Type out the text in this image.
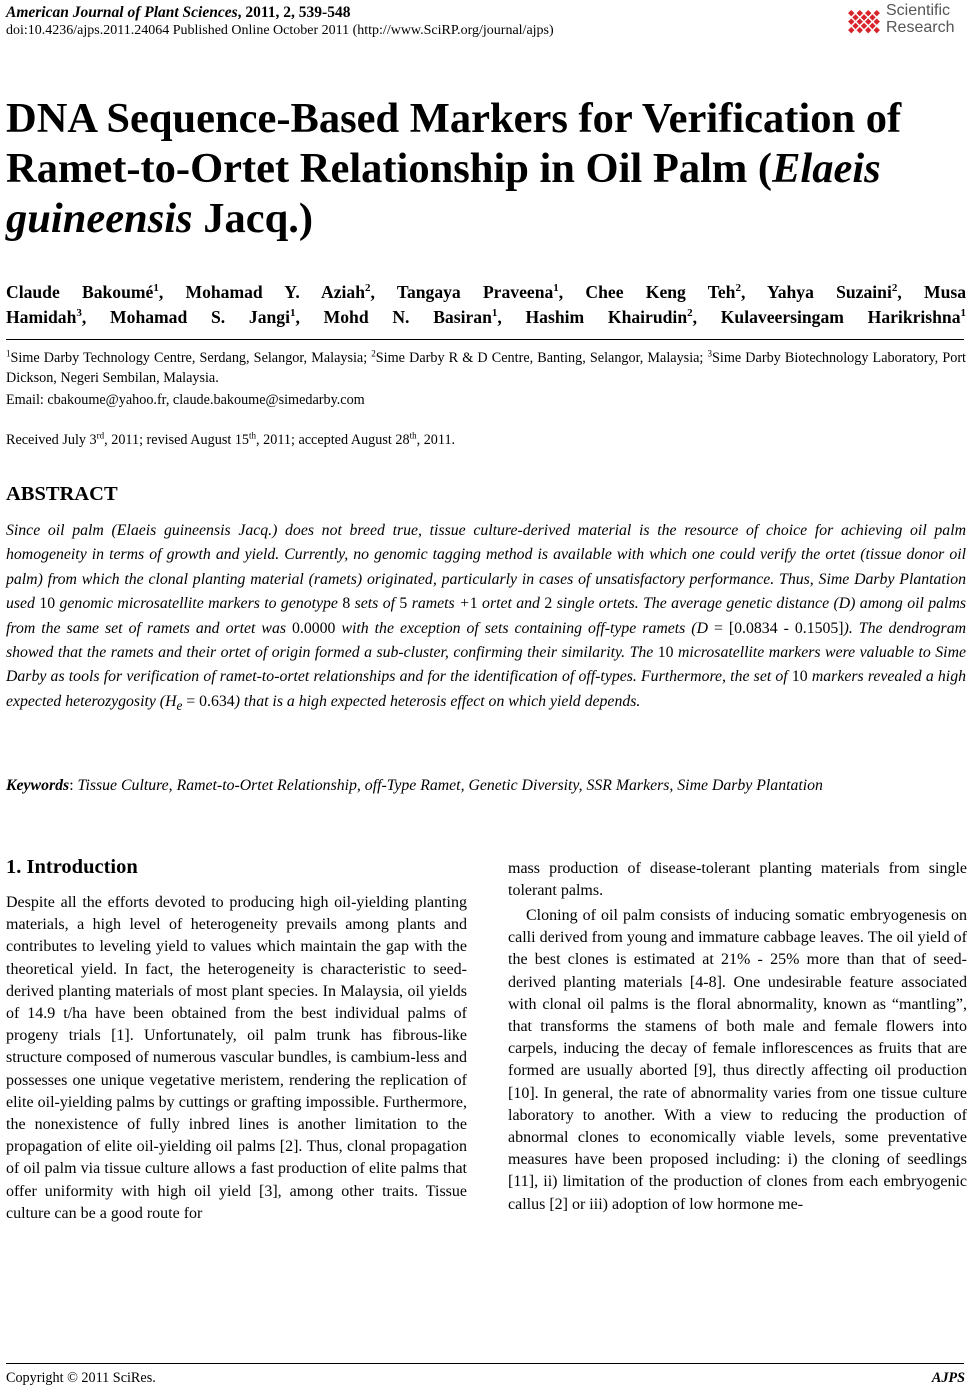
American Journal of Plant Sciences, 2011, 2, 539-548
doi:10.4236/ajps.2011.24064 Published Online October 2011 (http://www.SciRP.org/journal/ajps)
Scientific
Research
DNA Sequence-Based Markers for Verification of Ramet-to-Ortet Relationship in Oil Palm (Elaeis guineensis Jacq.)

Claude Bakoumé$^1$, Mohamad Y. Aziah$^2$, Tangaya Praveena$^1$, Chee Keng Teh$^2$, Yahya Suzaini$^2$, Musa

Hamidah$^3$, Mohamad S. Jangi$^1$, Mohd N. Basiran$^1$, Hashim Khairudin$^2$, Kulaveersingam Harikrishna$^1$

$^1$Sime Darby Technology Centre, Serdang, Selangor, Malaysia; $^2$Sime Darby R & D Centre, Banting, Selangor, Malaysia; $^3$Sime Darby Biotechnology Laboratory, Port Dickson, Negeri Sembilan, Malaysia.

Email: cbakoume@yahoo.fr, claude.bakoume@simedarby.com
Received July 3rd, 2011; revised August 15th, 2011; accepted August 28th, 2011.
ABSTRACT

Since oil palm (Elaeis guineensis Jacq.) does not breed true, tissue culture-derived material is the resource of choice for achieving oil palm homogeneity in terms of growth and yield. Currently, no genomic tagging method is available with which one could verify the ortet (tissue donor oil palm) from which the clonal planting material (ramets) originated, particularly in cases of unsatisfactory performance. Thus, Sime Darby Plantation used 10 genomic microsatellite markers to genotype 8 sets of 5 ramets +1 ortet and 2 single ortets. The average genetic distance (D) among oil palms from the same set of ramets and ortet was 0.0000 with the exception of sets containing off-type ramets (D = [0.0834 - 0.1505]). The dendrogram showed that the ramets and their ortet of origin formed a sub-cluster, confirming their similarity. The 10 microsatellite markers were valuable to Sime Darby as tools for verification of ramet-to-ortet relationships and for the identification of off-types. Furthermore, the set of 10 markers revealed a high expected heterozygosity $(H_e = 0.634)$ that is a high expected heterosis effect on which yield depends.

Keywords: Tissue Culture, Ramet-to-Ortet Relationship, off-Type Ramet, Genetic Diversity, SSR Markers, Sime Darby Plantation

1. Introduction

Despite all the efforts devoted to producing high oil-yielding planting materials, a high level of heterogeneity prevails among plants and contributes to leveling yield to values which maintain the gap with the theoretical yield. In fact, the heterogeneity is characteristic to seed-derived planting materials of most plant species. In Malaysia, oil yields of 14.9 t/ha have been obtained from the best individual palms of progeny trials [1]. Unfortunately, oil palm trunk has fibrous-like structure composed of numerous vascular bundles, is cambium-less and possesses one unique vegetative meristem, rendering the replication of elite oil-yielding palms by cuttings or grafting impossible. Furthermore, the nonexistence of fully inbred lines is another limitation to the propagation of elite oil-yielding oil palms [2]. Thus, clonal propagation of oil palm via tissue culture allows a fast production of elite palms that offer uniformity with high oil yield [3], among other traits. Tissue culture can be a good route for

mass production of disease-tolerant planting materials from single tolerant palms.

Cloning of oil palm consists of inducing somatic embryogenesis on calli derived from young and immature cabbage leaves. The oil yield of the best clones is estimated at 21% - 25% more than that of seed-derived planting materials [4-8]. One undesirable feature associated with clonal oil palms is the floral abnormality, known as “mantling”, that transforms the stamens of both male and female flowers into carpels, inducing the decay of female inflorescences as fruits that are formed are usually aborted [9], thus directly affecting oil production [10]. In general, the rate of abnormality varies from one tissue culture laboratory to another. With a view to reducing the production of abnormal clones to economically viable levels, some preventative measures have been proposed including: i) the cloning of seedlings [11], ii) limitation of the production of clones from each embryogenic callus [2] or iii) adoption of low hormone me-

Copyright © 2011 SciRes.	AJPS
